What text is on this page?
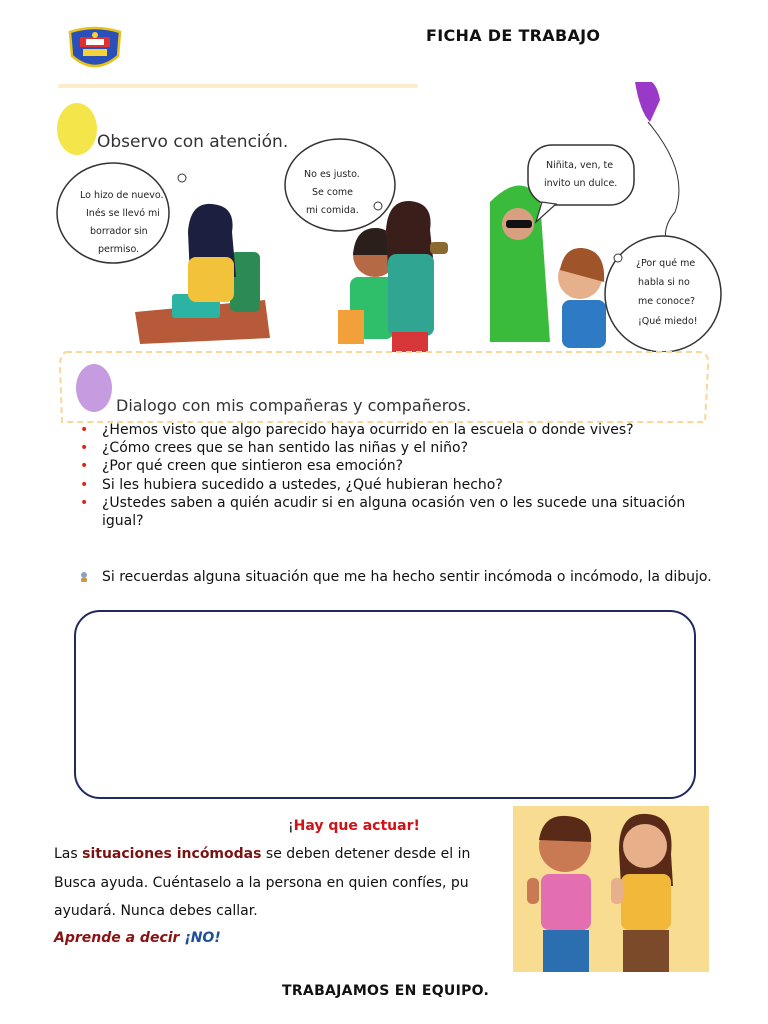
FICHA DE TRABAJO
Observo con atención.
Lo hizo de nuevo. Inés se llevó mi borrador sin permiso.
No es justo. Se come mi comida.
Niñita, ven, te invito un dulce.
¿Por qué me habla si no me conoce? ¡Qué miedo!
Dialogo con mis compañeras y compañeros.
• ¿Hemos visto que algo parecido haya ocurrido en la escuela o donde vives?
• ¿Cómo crees que se han sentido las niñas y el niño?
• ¿Por qué creen que sintieron esa emoción?
• Si les hubiera sucedido a ustedes, ¿Qué hubieran hecho?
• ¿Ustedes saben a quién acudir si en alguna ocasión ven o les sucede una situación igual?
Si recuerdas alguna situación que me ha hecho sentir incómoda o incómodo, la dibujo.
¡Hay que actuar!
Las situaciones incómodas se deben detener desde el in
Busca ayuda. Cuéntaselo a la persona en quien confíes, pu
ayudará. Nunca debes callar.
Aprende a decir ¡NO!
TRABAJAMOS EN EQUIPO.
